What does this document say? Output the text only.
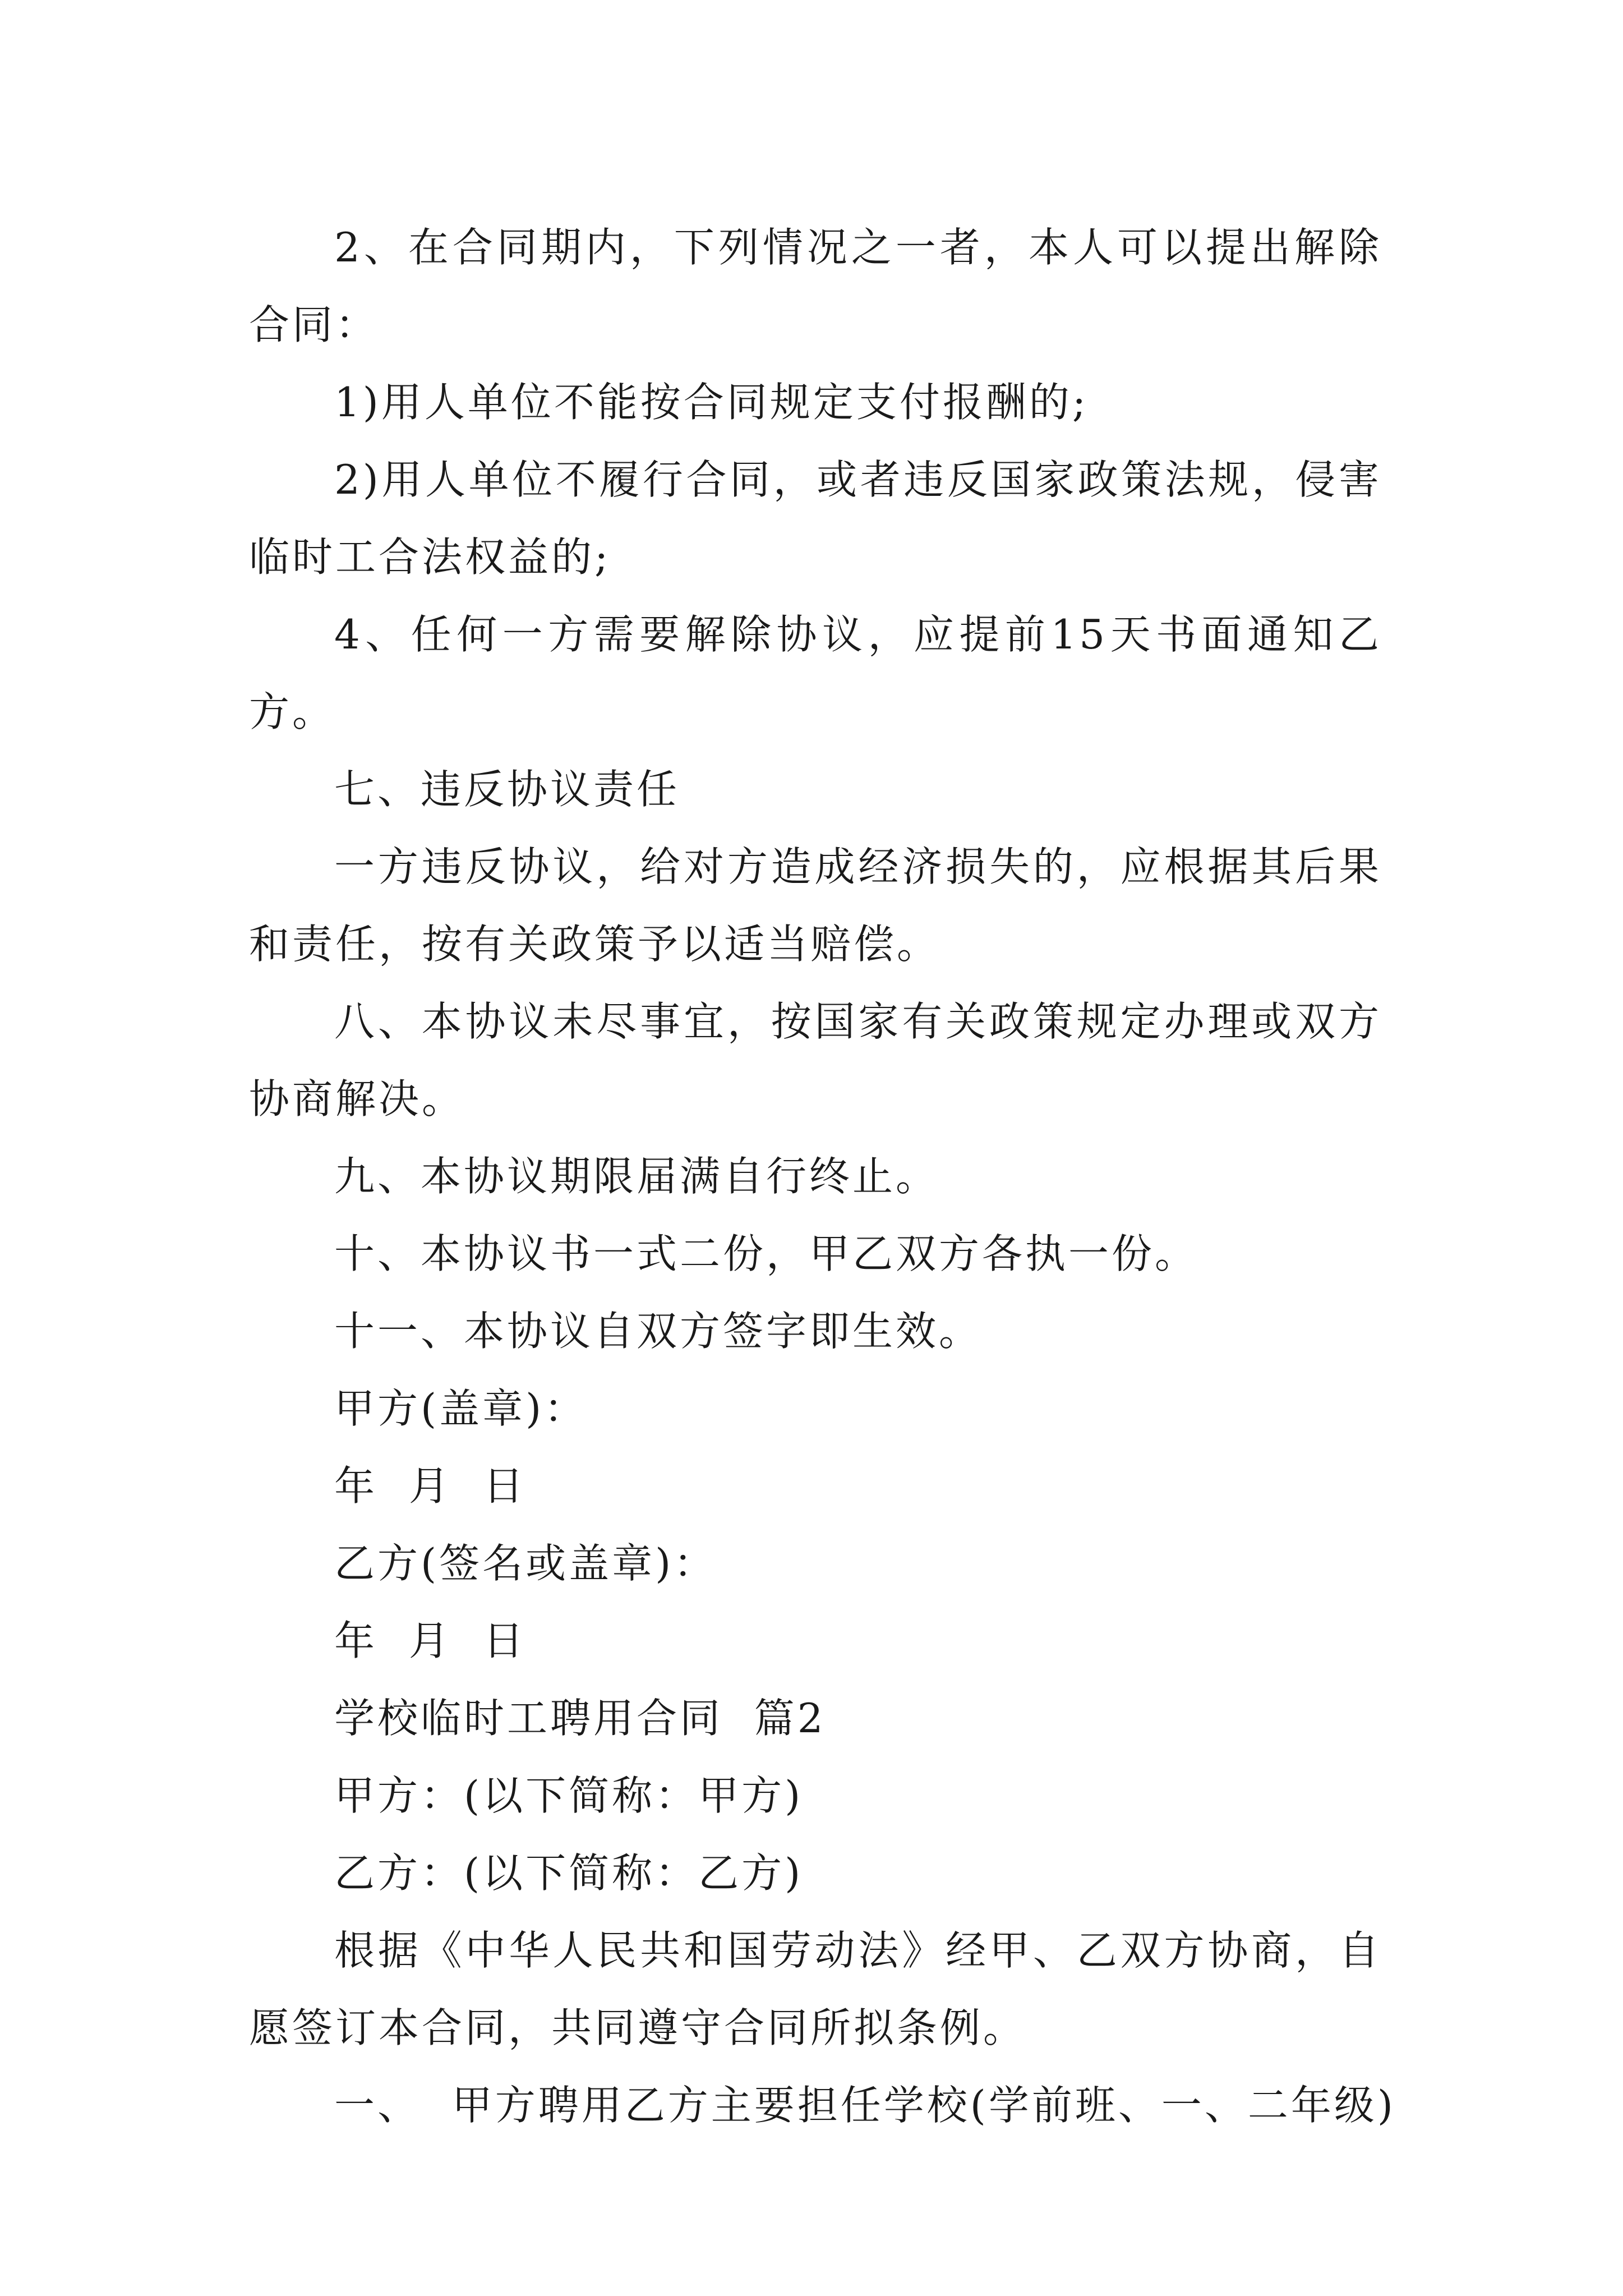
2、在合同期内，下列情况之一者，本人可以提出解除合同：

1)用人单位不能按合同规定支付报酬的;

2)用人单位不履行合同，或者违反国家政策法规，侵害临时工合法权益的;

4、任何一方需要解除协议，应提前15天书面通知乙方。

七、违反协议责任

一方违反协议，给对方造成经济损失的，应根据其后果和责任，按有关政策予以适当赔偿。

八、本协议未尽事宜，按国家有关政策规定办理或双方协商解决。

九、本协议期限届满自行终止。

十、本协议书一式二份，甲乙双方各执一份。

十一、本协议自双方签字即生效。

甲方(盖章)：

年  月  日

乙方(签名或盖章)：

年  月  日

学校临时工聘用合同  篇2

甲方：(以下简称：甲方)

乙方：(以下简称：乙方)

根据《中华人民共和国劳动法》经甲、乙双方协商，自愿签订本合同，共同遵守合同所拟条例。

一、  甲方聘用乙方主要担任学校(学前班、一、二年级)
